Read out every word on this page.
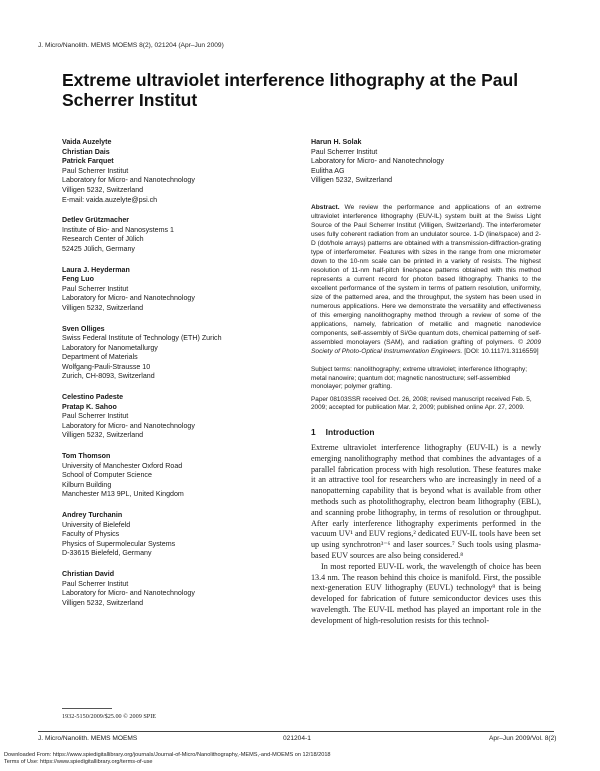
J. Micro/Nanolith. MEMS MOEMS 8(2), 021204 (Apr–Jun 2009)
Extreme ultraviolet interference lithography at the Paul Scherrer Institut
Vaida Auzelyte
Christian Dais
Patrick Farquet
Paul Scherrer Institut
Laboratory for Micro- and Nanotechnology
Villigen 5232, Switzerland
E-mail: vaida.auzelyte@psi.ch
Detlev Grützmacher
Institute of Bio- and Nanosystems 1
Research Center of Jülich
52425 Jülich, Germany
Laura J. Heyderman
Feng Luo
Paul Scherrer Institut
Laboratory for Micro- and Nanotechnology
Villigen 5232, Switzerland
Sven Olliges
Swiss Federal Institute of Technology (ETH) Zurich
Laboratory for Nanometallurgy
Department of Materials
Wolfgang-Pauli-Strausse 10
Zurich, CH-8093, Switzerland
Celestino Padeste
Pratap K. Sahoo
Paul Scherrer Institut
Laboratory for Micro- and Nanotechnology
Villigen 5232, Switzerland
Tom Thomson
University of Manchester Oxford Road
School of Computer Science
Kilburn Building
Manchester M13 9PL, United Kingdom
Andrey Turchanin
University of Bielefeld
Faculty of Physics
Physics of Supermolecular Systems
D-33615 Bielefeld, Germany
Christian David
Paul Scherrer Institut
Laboratory for Micro- and Nanotechnology
Villigen 5232, Switzerland
Harun H. Solak
Paul Scherrer Institut
Laboratory for Micro- and Nanotechnology
Eulitha AG
Villigen 5232, Switzerland
Abstract. We review the performance and applications of an extreme ultraviolet interference lithography (EUV-IL) system built at the Swiss Light Source of the Paul Scherrer Institut (Villigen, Switzerland). The interferometer uses fully coherent radiation from an undulator source. 1-D (line/space) and 2-D (dot/hole arrays) patterns are obtained with a transmission-diffraction-grating type of interferometer. Features with sizes in the range from one micrometer down to the 10-nm scale can be printed in a variety of resists. The highest resolution of 11-nm half-pitch line/space patterns obtained with this method represents a current record for photon based lithography. Thanks to the excellent performance of the system in terms of pattern resolution, uniformity, size of the patterned area, and the throughput, the system has been used in numerous applications. Here we demonstrate the versatility and effectiveness of this emerging nanolithography method through a review of some of the applications, namely, fabrication of metallic and magnetic nanodevice components, self-assembly of Si/Ge quantum dots, chemical patterning of self-assembled monolayers (SAM), and radiation grafting of polymers. © 2009 Society of Photo-Optical Instrumentation Engineers. [DOI: 10.1117/1.3116559]

Subject terms: nanolithography; extreme ultraviolet; interference lithography; metal nanowire; quantum dot; magnetic nanostructure; self-assembled monolayer; polymer grafting.

Paper 08103SSR received Oct. 26, 2008; revised manuscript received Feb. 5, 2009; accepted for publication Mar. 2, 2009; published online Apr. 27, 2009.

1 Introduction

Extreme ultraviolet interference lithography (EUV-IL) is a newly emerging nanolithography method that combines the advantages of a parallel fabrication process with high resolution. These features make it an attractive tool for researchers who are increasingly in need of a nanopatterning capability that is beyond what is available from other methods such as photolithography, electron beam lithography (EBL), and scanning probe lithography, in terms of resolution or throughput. After early interference lithography experiments performed in the vacuum UV¹ and EUV regions,² dedicated EUV-IL tools have been set up using synchrotron³⁻⁶ and laser sources.⁷ Such tools using plasma-based EUV sources are also being considered.⁸

In most reported EUV-IL work, the wavelength of choice has been 13.4 nm. The reason behind this choice is manifold. First, the possible next-generation EUV lithography (EUVL) technology⁹ that is being developed for fabrication of future semiconductor devices uses this wavelength. The EUV-IL method has played an important role in the development of high-resolution resists for this technol-

1932-5150/2009/$25.00 © 2009 SPIE
J. Micro/Nanolith. MEMS MOEMS	021204-1	Apr–Jun 2009/Vol. 8(2)
Downloaded From: https://www.spiedigitallibrary.org/journals/Journal-of-Micro/Nanolithography,-MEMS,-and-MOEMS on 12/18/2018
Terms of Use: https://www.spiedigitallibrary.org/terms-of-use
